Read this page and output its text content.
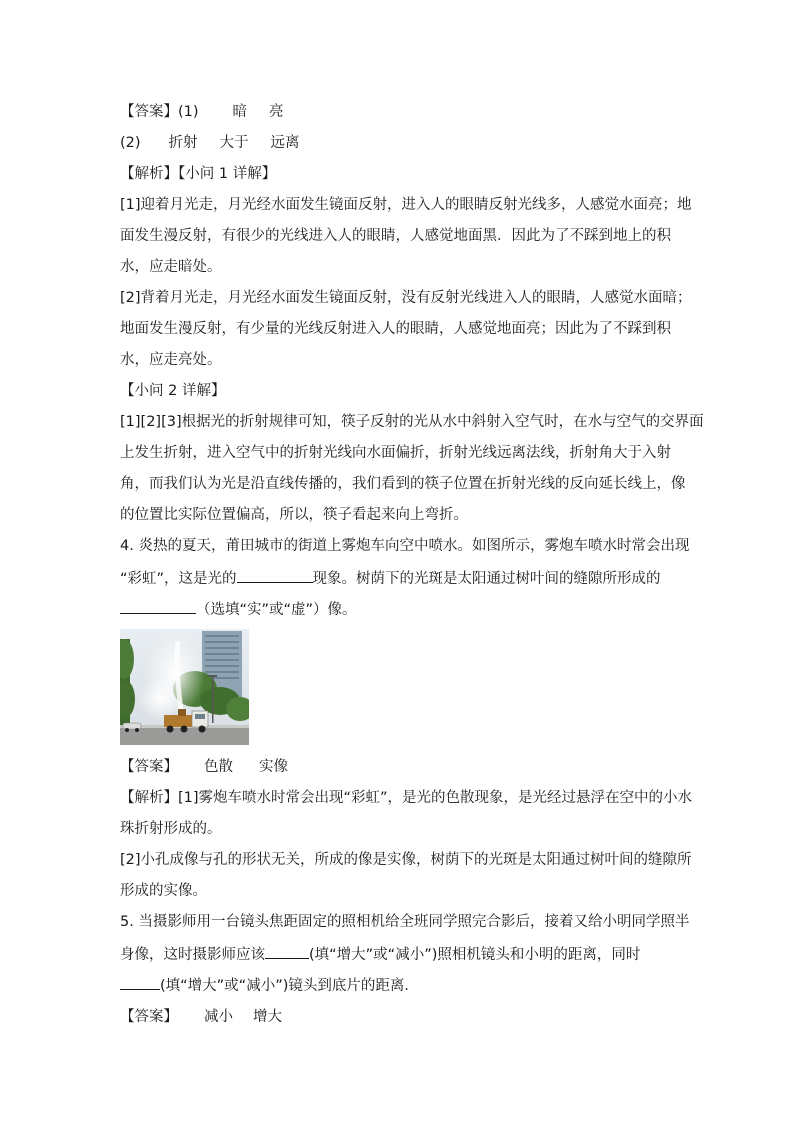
【答案】(1) 暗 亮
(2) 折射 大于 远离
【解析】【小问 1 详解】
[1]迎着月光走，月光经水面发生镜面反射，进入人的眼睛反射光线多，人感觉水面亮；地
面发生漫反射，有很少的光线进入人的眼睛，人感觉地面黑．因此为了不踩到地上的积
水，应走暗处。
[2]背着月光走，月光经水面发生镜面反射，没有反射光线进入人的眼睛，人感觉水面暗；
地面发生漫反射，有少量的光线反射进入人的眼睛，人感觉地面亮；因此为了不踩到积
水，应走亮处。
【小问 2 详解】
[1][2][3]根据光的折射规律可知，筷子反射的光从水中斜射入空气时，在水与空气的交界面
上发生折射，进入空气中的折射光线向水面偏折，折射光线远离法线，折射角大于入射
角，而我们认为光是沿直线传播的，我们看到的筷子位置在折射光线的反向延长线上，像
的位置比实际位置偏高，所以，筷子看起来向上弯折。
4. 炎热的夏天，莆田城市的街道上雾炮车向空中喷水。如图所示，雾炮车喷水时常会出现
“彩虹”，这是光的	现象。树荫下的光斑是太阳通过树叶间的缝隙所形成的
（选填“实”或“虚”）像。
【答案】 色散 实像
【解析】[1]雾炮车喷水时常会出现“彩虹”，是光的色散现象，是光经过悬浮在空中的小水
珠折射形成的。
[2]小孔成像与孔的形状无关，所成的像是实像，树荫下的光斑是太阳通过树叶间的缝隙所
形成的实像。
5. 当摄影师用一台镜头焦距固定的照相机给全班同学照完合影后，接着又给小明同学照半
身像，这时摄影师应该	(填“增大”或“减小”)照相机镜头和小明的距离，同时
(填“增大”或“减小”)镜头到底片的距离．
【答案】 减小 增大
